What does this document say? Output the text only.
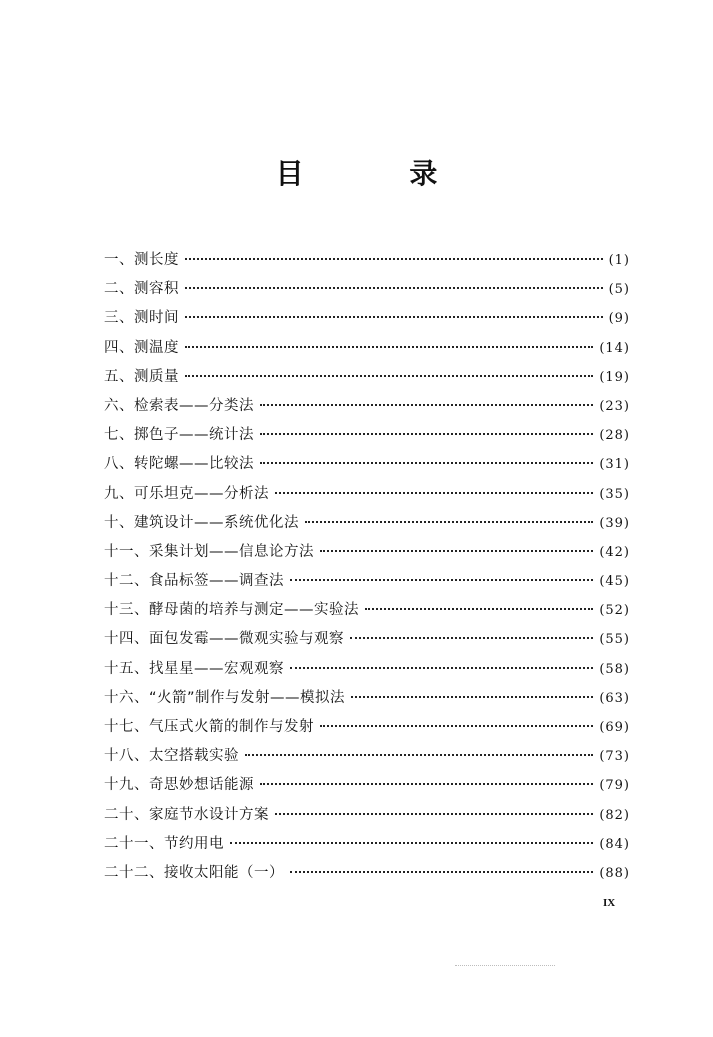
目 录
一、测长度	(1)
二、测容积	(5)
三、测时间	(9)
四、测温度	(14)
五、测质量	(19)
六、检索表——分类法	(23)
七、掷色子——统计法	(28)
八、转陀螺——比较法	(31)
九、可乐坦克——分析法	(35)
十、建筑设计——系统优化法	(39)
十一、采集计划——信息论方法	(42)
十二、食品标签——调查法	(45)
十三、酵母菌的培养与测定——实验法	(52)
十四、面包发霉——微观实验与观察	(55)
十五、找星星——宏观观察	(58)
十六、“火箭”制作与发射——模拟法	(63)
十七、气压式火箭的制作与发射	(69)
十八、太空搭载实验	(73)
十九、奇思妙想话能源	(79)
二十、家庭节水设计方案	(82)
二十一、节约用电	(84)
二十二、接收太阳能（一）	(88)
IX
